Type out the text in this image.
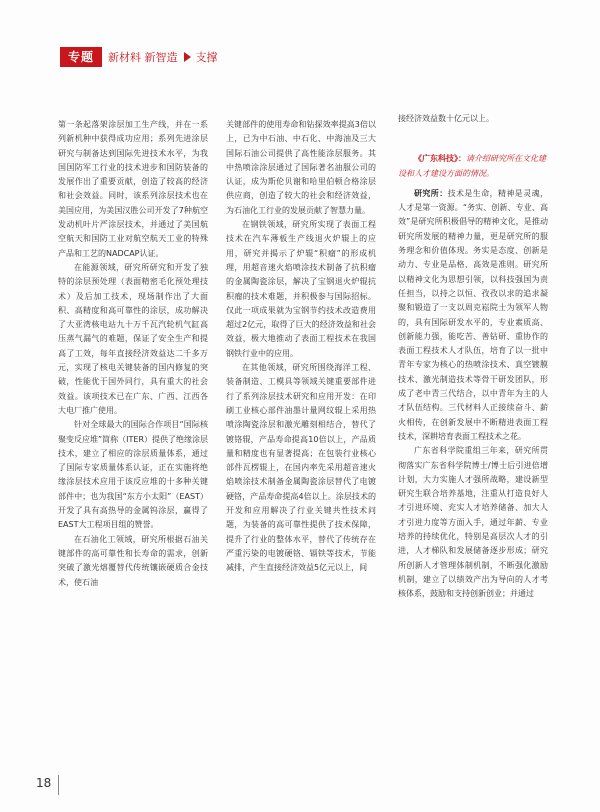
专题	新材料 新智造 支撑

第一条起落架涂层加工生产线，并在一系列新机种中获得成功应用；系列先进涂层研究与制备达到国际先进技术水平，为我国国防军工行业的技术进步和国防装备的发展作出了重要贡献，创造了较高的经济和社会效益。同时，该系列涂层技术也在美国应用，为美国汉胜公司开发了7种航空发动机叶片严涂层技术，并通过了美国航空航天和国防工业对航空航天工业的特殊产品和工艺的NADCAP认证。

在能源领域，研究所研究和开发了独特的涂层预处理（表面精密毛化预处理技术）及后加工技术，现场制作出了大面积、高精度和高可靠性的涂层，成功解决了大亚湾核电站九十万千瓦汽轮机气缸高压蒸气漏气的难题，保证了安全生产和提高了工效，每年直接经济效益达二千多万元，实现了核电关键装备的国内修复的突破，性能优于国外同行，具有重大的社会效益。该项技术已在广东、广西、江西各大电厂推广使用。

针对全球最大的国际合作项目“国际核聚变反应堆”简称（ITER）提供了绝缘涂层技术，建立了相应的涂层质量体系，通过了国际专家质量体系认证，正在实施将绝缘涂层技术应用于该反应堆的十多种关键部件中；也为我国“东方小太阳”（EAST）开发了具有高热导的金属钨涂层，赢得了EAST大工程项目组的赞誉。

在石油化工领域，研究所根据石油关键部件的高可靠性和长寿命的需求，创新突破了激光熔覆替代传统镶嵌硬质合金技术，使石油

关键部件的使用寿命和钻探效率提高3倍以上，已为中石油、中石化、中海油及三大国际石油公司提供了高性能涂层服务。其中热喷涂涂层通过了国际著名油服公司的认证，成为斯伦贝谢和哈里伯顿合格涂层供应商，创造了较大的社会和经济效益，为石油化工行业的发展贡献了智慧力量。

在钢铁领域，研究所实现了表面工程技术在汽车薄板生产线退火炉辊上的应用，研究并揭示了炉辊“积瘤”的形成机理，用超音速火焰喷涂技术制备了抗积瘤的金属陶瓷涂层，解决了宝钢退火炉辊抗积瘤的技术难题，并积极参与国际招标。仅此一项成果就为宝钢节约技术改造费用超过2亿元，取得了巨大的经济效益和社会效益，极大地推动了表面工程技术在我国钢铁行业中的应用。

在其他领域，研究所围绕海洋工程、装备制造、工模具等领域关键重要部件进行了系列涂层技术研究和应用开发：在印刷工业核心部件油墨计量网纹辊上采用热喷涂陶瓷涂层和激光雕刻相结合，替代了镀铬辊，产品寿命提高10倍以上，产品质量和精度也有显著提高；在包装行业核心部件瓦楞辊上，在国内率先采用超音速火焰喷涂技术制备金属陶瓷涂层替代了电镀硬铬，产品寿命提高4倍以上。涂层技术的开发和应用解决了行业关键共性技术问题，为装备的高可靠性提供了技术保障，提升了行业的整体水平，替代了传统存在严重污染的电镀硬铬、镉铁等技术，节能减排，产生直接经济效益5亿元以上，间

接经济效益数十亿元以上。

《广东科技》：请介绍研究所在文化建设和人才建设方面的情况。

研究所：技术是生命，精神是灵魂，人才是第一资源。“务实、创新、专业、高效”是研究所积极倡导的精神文化，是推动研究所发展的精神力量，更是研究所的服务理念和价值体现。务实是态度、创新是动力、专业是品格、高效是准则。研究所以精神文化为思想引领，以科技强国为责任担当，以持之以恒、孜孜以求的追求凝聚和锻造了一支以周克崧院士为领军人物的，具有国际研发水平的，专业素质高、创新能力强，能吃苦、善钻研、重协作的表面工程技术人才队伍，培育了以一批中青年专家为核心的热喷涂技术、真空镀膜技术、激光制造技术等骨干研发团队，形成了老中青三代结合，以中青年为主的人才队伍结构。三代材料人正接续奋斗、薪火相传，在创新发展中不断精进表面工程技术，深耕培育表面工程技术之花。

广东省科学院重组三年来，研究所贯彻落实广东省科学院博士/博士后引进倍增计划，大力实施人才强所战略，建设新型研究生联合培养基地，注重从打造良好人才引进环境、充实人才培养储备、加大人才引进力度等方面入手，通过年薪、专业培养的持续优化，特别是高层次人才的引进，人才梯队和发展储备逐步形成；研究所创新人才管理体制机制，不断强化激励机制，建立了以绩效产出为导向的人才考核体系，鼓励和支持创新创业；并通过

18
